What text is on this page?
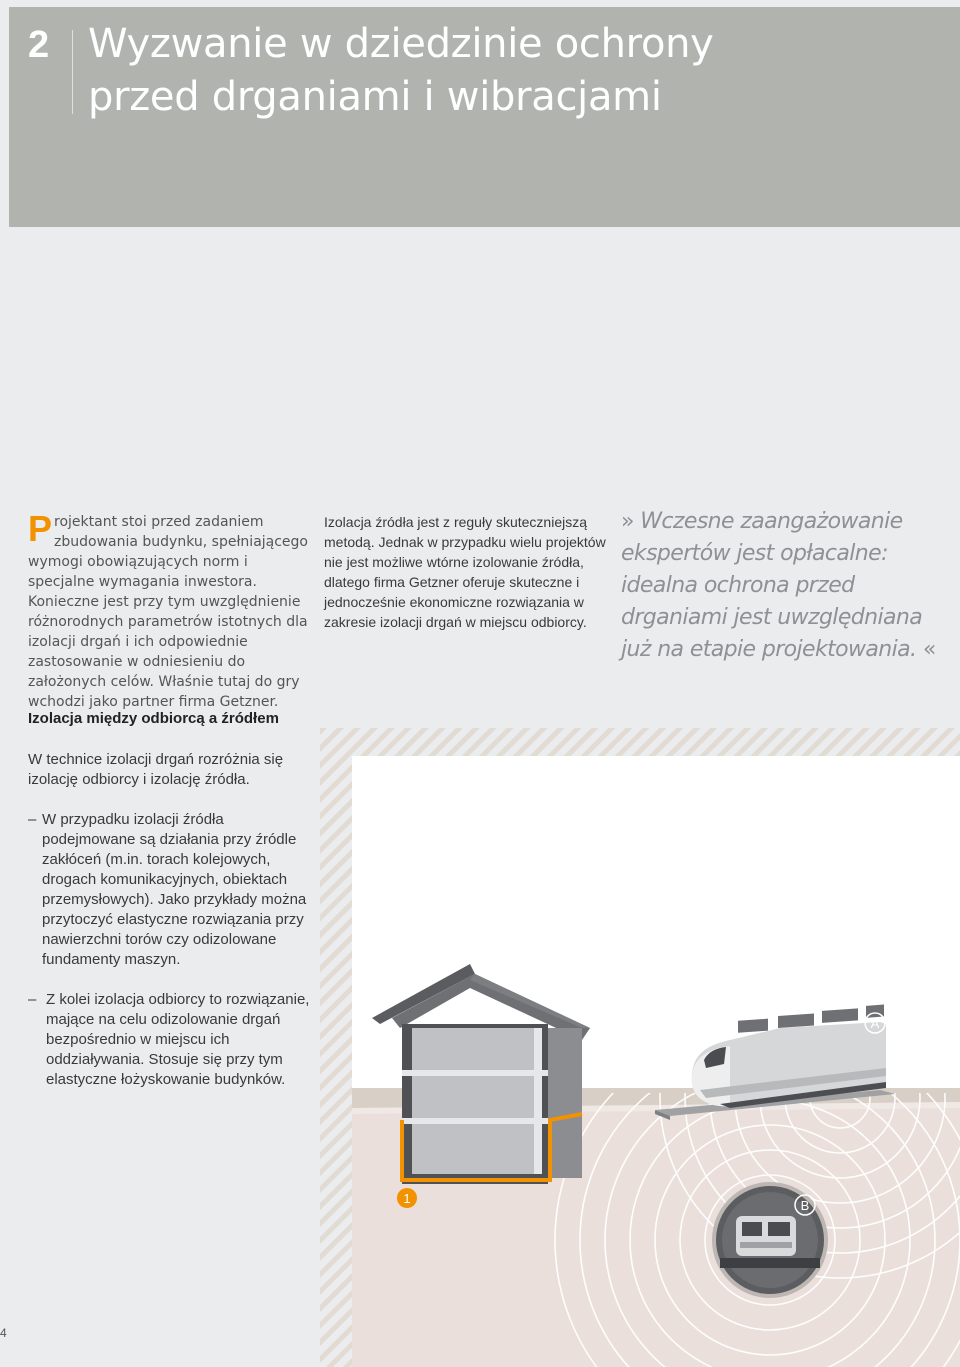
2 Wyzwanie w dziedzinie ochrony
przed drganiami i wibracjami
Projektant stoi przed zadaniem zbudowania budynku, spełniającego wymogi obowiązujących norm i specjalne wymagania inwestora. Konieczne jest przy tym uwzględnienie różnorodnych parametrów istotnych dla izolacji drgań i ich odpowiednie zastosowanie w odniesieniu do założonych celów. Właśnie tutaj do gry wchodzi jako partner firma Getzner.
Izolacja źródła jest z reguły skuteczniejszą metodą. Jednak w przypadku wielu projektów nie jest możliwe wtórne izolowanie źródła, dlatego firma Getzner oferuje skuteczne i jednocześnie ekonomiczne rozwiązania w zakresie izolacji drgań w miejscu odbiorcy.
» Wczesne zaangażowanie ekspertów jest opłacalne: idealna ochrona przed drganiami jest uwzględniana już na etapie projektowania. «
Izolacja między odbiorcą a źródłem
W technice izolacji drgań rozróżnia się izolację odbiorcy i izolację źródła.
– W przypadku izolacji źródła podejmowane są działania przy źródle zakłóceń (m.in. torach kolejowych, drogach komunikacyjnych, obiektach przemysłowych). Jako przykłady można przytoczyć elastyczne rozwiązania przy nawierzchni torów czy odizolowane fundamenty maszyn.
– Z kolei izolacja odbiorcy to rozwiązanie, mające na celu odizolowanie drgań bezpośrednio w miejscu ich oddziaływania. Stosuje się przy tym elastyczne łożyskowanie budynków.
4
A
1	B
